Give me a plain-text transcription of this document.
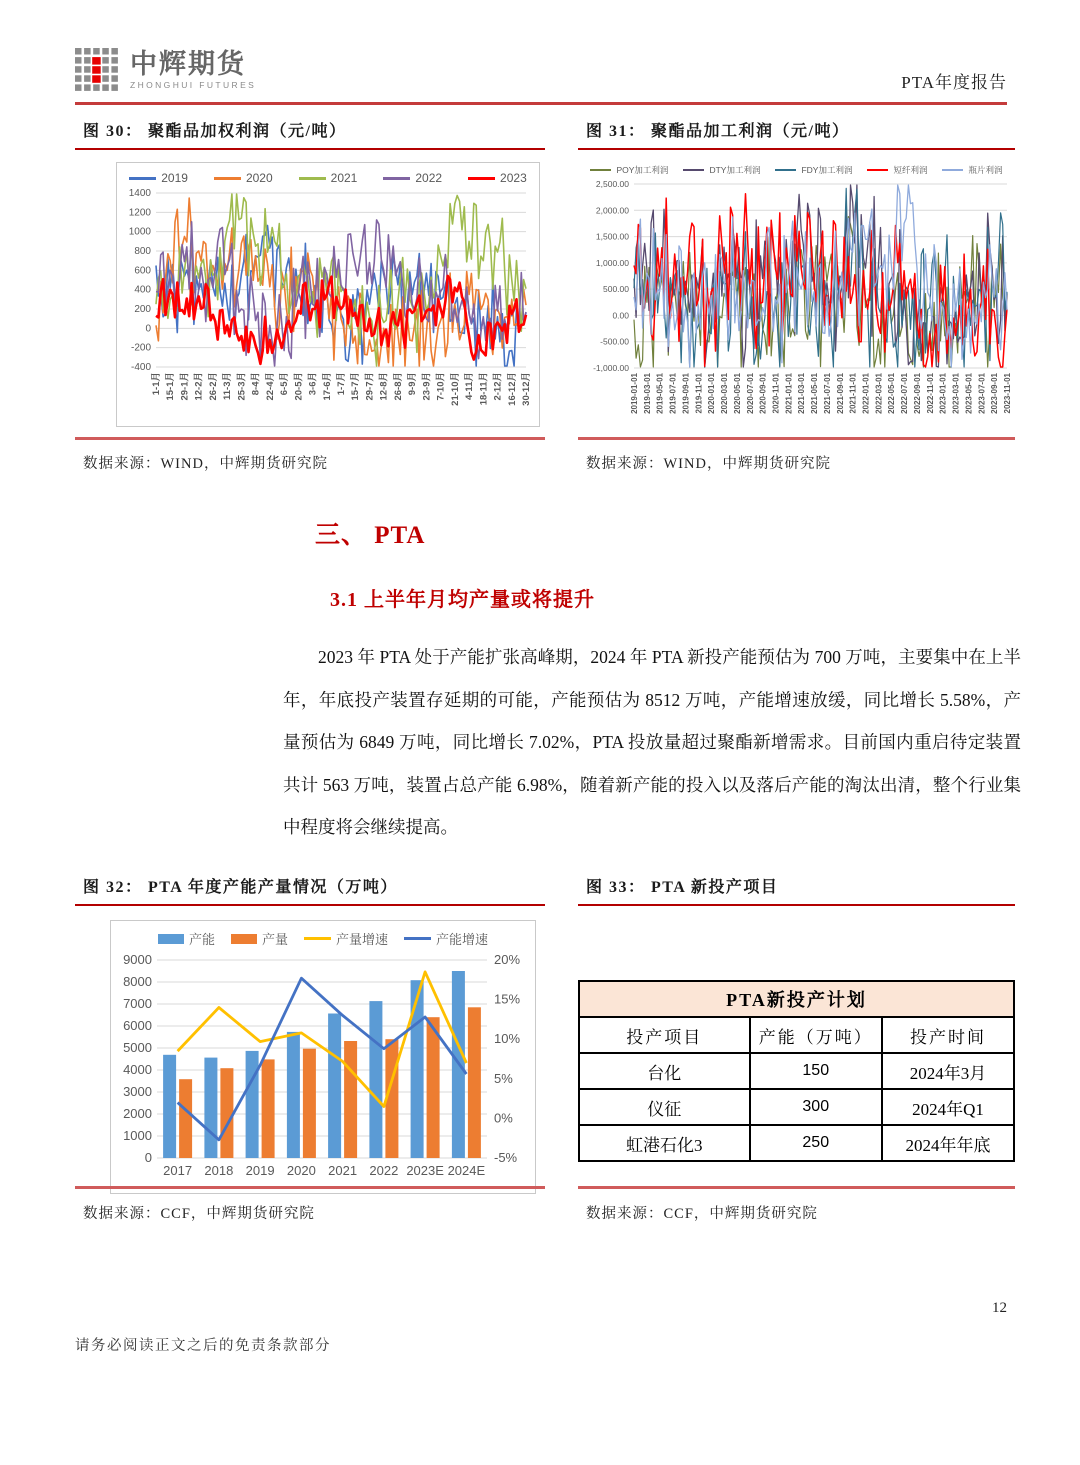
中辉期货
ZHONGHUI FUTURES	PTA年度报告
图 30： 聚酯品加权利润（元/吨）
2019	2020	2021	2022	2023
-400
-200
0
200
400
600
800
1000
1200
1400
1-1月 15-1月 29-1月 12-2月 26-2月 11-3月 25-3月 8-4月 22-4月 6-5月 20-5月 3-6月 17-6月 1-7月 15-7月 29-7月 12-8月 26-8月 9-9月 23-9月 7-10月 21-10月 4-11月 18-11月 2-12月 16-12月 30-12月
数据来源：WIND，中辉期货研究院
图 31： 聚酯品加工利润（元/吨）
POY加工利润	DTY加工利润	FDY加工利润	短纤利润	瓶片利润
-1,000.00
-500.00
0.00
500.00
1,000.00
1,500.00
2,000.00
2,500.00
2019-01-01 2019-03-01 2019-05-01 2019-07-01 2019-09-01 2019-11-01 2020-01-01 2020-03-01 2020-05-01 2020-07-01 2020-09-01 2020-11-01 2021-01-01 2021-03-01 2021-05-01 2021-07-01 2021-09-01 2021-11-01 2022-01-01 2022-03-01 2022-05-01 2022-07-01 2022-09-01 2022-11-01 2023-01-01 2023-03-01 2023-05-01 2023-07-01 2023-09-01 2023-11-01
数据来源：WIND，中辉期货研究院
三、 PTA
3.1 上半年月均产量或将提升
2023 年 PTA 处于产能扩张高峰期，2024 年 PTA 新投产能预估为 700 万吨，主要集中在上半年，年底投产装置存延期的可能，产能预估为 8512 万吨，产能增速放缓，同比增长 5.58%，产量预估为 6849 万吨，同比增长 7.02%，PTA 投放量超过聚酯新增需求。目前国内重启待定装置共计 563 万吨，装置占总产能 6.98%，随着新产能的投入以及落后产能的淘汰出清，整个行业集中程度将会继续提高。
图 32： PTA 年度产能产量情况（万吨）
产能	产量	产量增速	产能增速
0
1000
2000
3000
4000
5000
6000
7000
8000
9000
-5%
0%
5%
10%
15%
20%
2017 2018 2019 2020 2021 2022 2023E 2024E
数据来源：CCF，中辉期货研究院
图 33： PTA 新投产项目
PTA新投产计划		
投产项目	产能（万吨）	投产时间
台化	150	2024年3月
仪征	300	2024年Q1
虹港石化3	250	2024年年底
数据来源：CCF，中辉期货研究院
12
请务必阅读正文之后的免责条款部分
